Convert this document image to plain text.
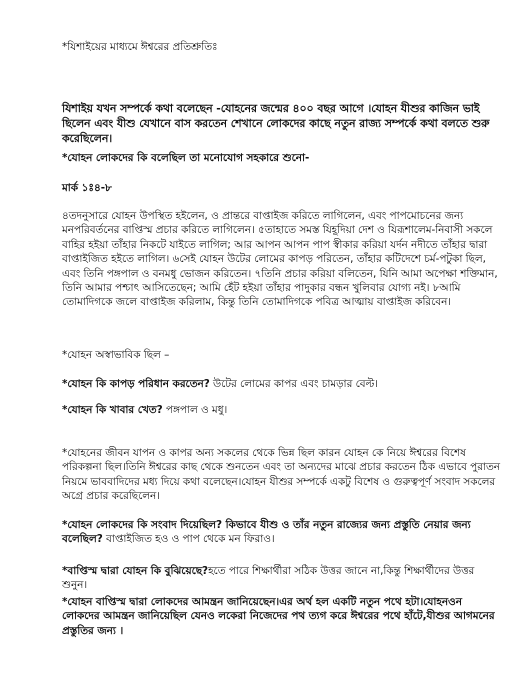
*যিশাইয়ের মাধ্যমে ঈশ্বরের প্রতিশ্রুতিঃ

যিশাইয় যখন সম্পর্কে কথা বলেছেন -যোহনের জন্মের ৪০০ বছর আগে ।যোহন যীশুর কাজিন ভাই ছিলেন এবং যীশু যেখানে বাস করতেন শেখানে লোকদের কাছে নতুন রাজ্য সম্পর্কে কথা বলতে শুরু করেছিলেন।

*যোহন লোকদের কি বলেছিল তা মনোযোগ সহকারে শুনো-

মার্ক ১ঃ৪-৮

৪তদনুসারে যোহন উপস্থিত হইলেন, ও প্রান্তরে বাপ্তাইজ করিতে লাগিলেন, এবং পাপমোচনের জন্য মনপরিবর্তনের বাপ্তিস্ম প্রচার করিতে লাগিলেন। ৫তাহাতে সমস্ত যিহূদিয়া দেশ ও যিরূশালেম-নিবাসী সকলে বাহির হইয়া তাঁহার নিকটে যাইতে লাগিল; আর আপন আপন পাপ স্বীকার করিয়া যর্দন নদীতে তাঁহার দ্বারা বাপ্তাইজিত হইতে লাগিল। ৬সেই যোহন উটের লোমের কাপড় পরিতেন, তাঁহার কটিদেশে চর্ম-পটুকা ছিল, এবং তিনি পঙ্গপাল ও বনমধু ভোজন করিতেন। ৭তিনি প্রচার করিয়া বলিতেন, যিনি আমা অপেক্ষা শক্তিমান, তিনি আমার পশ্চাৎ আসিতেছেন; আমি হেঁট হইয়া তাঁহার পাদুকার বন্ধন খুলিবার যোগ্য নই। ৮আমি তোমাদিগকে জলে বাপ্তাইজ করিলাম, কিন্তু তিনি তোমাদিগকে পবিত্র আত্মায় বাপ্তাইজ করিবেন।

*যোহন অস্বাভাবিক ছিল –

*যোহন কি কাপড় পরিধান করতেন? উটের লোমের কাপর এবং চামড়ার বেল্ট।

*যোহন কি খাবার খেত? পঙ্গপাল ও মধু।

*যোহনের জীবন যাপন ও কাপর অন্য সকলের থেকে ভিন্ন ছিল কারন যোহন কে নিয়ে ঈশ্বরের বিশেষ পরিকল্পনা ছিল।তিনি ঈশ্বরের কাছ থেকে শুনতেন এবং তা অন্যদের মাঝে প্রচার করতেন ঠিক এভাবে পুরাতন নিয়মে ভাববাদিদের মধ্য দিয়ে কথা বলেছেন।যোহন যীশুর সম্পর্কে একটু বিশেষ ও গুরুত্বপূর্ণ সংবাদ সকলের অগ্রে প্রচার করেছিলেন।

*যোহন লোকদের কি সংবাদ দিয়েছিল? কিভাবে যীশু ও তাঁর নতুন রাজ্যের জন্য প্রস্তুতি নেয়ার জন্য বলেছিল? বাপ্তাইজিত হও ও পাপ থেকে মন ফিরাও।

*বাপ্তিস্ম দ্বারা যোহন কি বুঝিয়েছে?হতে পারে শিক্ষার্থীরা সঠিক উত্তর জানে না,কিন্তু শিক্ষার্থীদের উত্তর শুনুন।

*যোহন বাপ্তিস্ম দ্বারা লোকদের আমন্ত্রন জানিয়েছেন।এর অর্থ হল একটি নতুন পথে হটা।যোহনওন লোকদের আমন্ত্রন জানিয়েছিল যেনও লকেরা নিজেদের পথ ত্যগ করে ঈশ্বরের পথে হাঁটে,যীশুর আগমনের প্রস্তুতির জন্য ।
